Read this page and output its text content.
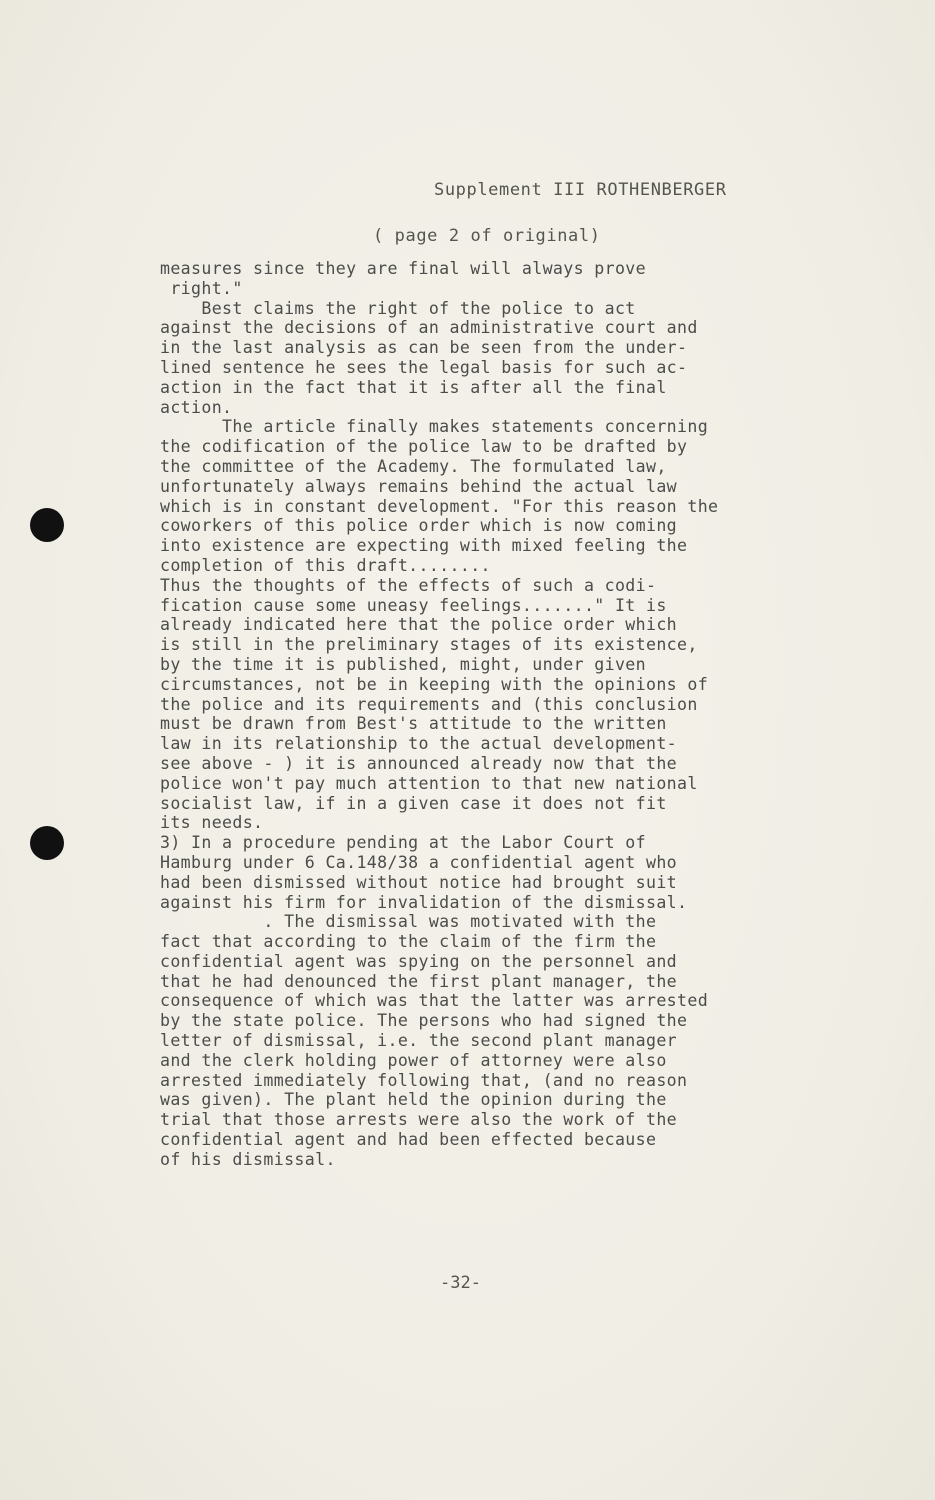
Supplement III ROTHENBERGER
( page 2 of original)
measures since they are final will always prove
right."
Best claims the right of the police to act
against the decisions of an administrative court and
in the last analysis as can be seen from the under-
lined sentence he sees the legal basis for such ac-
action in the fact that it is after all the final
action.
The article finally makes statements concerning
the codification of the police law to be drafted by
the committee of the Academy. The formulated law,
unfortunately always remains behind the actual law
which is in constant development. "For this reason the
coworkers of this police order which is now coming
into existence are expecting with mixed feeling the
completion of this draft........
Thus the thoughts of the effects of such a codi-
fication cause some uneasy feelings......." It is
already indicated here that the police order which
is still in the preliminary stages of its existence,
by the time it is published, might, under given
circumstances, not be in keeping with the opinions of
the police and its requirements and (this conclusion
must be drawn from Best's attitude to the written
law in its relationship to the actual development-
see above - ) it is announced already now that the
police won't pay much attention to that new national
socialist law, if in a given case it does not fit
its needs.
3) In a procedure pending at the Labor Court of
Hamburg under 6 Ca.148/38 a confidential agent who
had been dismissed without notice had brought suit
against his firm for invalidation of the dismissal.
. The dismissal was motivated with the
fact that according to the claim of the firm the
confidential agent was spying on the personnel and
that he had denounced the first plant manager, the
consequence of which was that the latter was arrested
by the state police. The persons who had signed the
letter of dismissal, i.e. the second plant manager
and the clerk holding power of attorney were also
arrested immediately following that, (and no reason
was given). The plant held the opinion during the
trial that those arrests were also the work of the
confidential agent and had been effected because
of his dismissal.
-32-
